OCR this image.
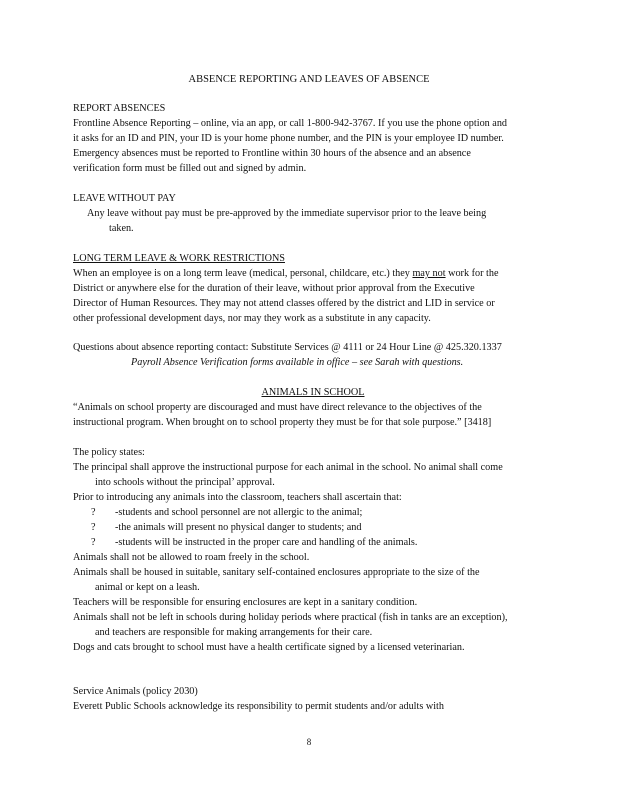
ABSENCE REPORTING AND LEAVES OF ABSENCE

REPORT ABSENCES

Frontline Absence Reporting – online, via an app, or call 1-800-942-3767. If you use the phone option and

it asks for an ID and PIN, your ID is your home phone number, and the PIN is your employee ID number.

Emergency absences must be reported to Frontline within 30 hours of the absence and an absence

verification form must be filled out and signed by admin.

LEAVE WITHOUT PAY

Any leave without pay must be pre-approved by the immediate supervisor prior to the leave being

taken.

LONG TERM LEAVE & WORK RESTRICTIONS

When an employee is on a long term leave (medical, personal, childcare, etc.) they may not work for the

District or anywhere else for the duration of their leave, without prior approval from the Executive

Director of Human Resources. They may not attend classes offered by the district and LID in service or

other professional development days, nor may they work as a substitute in any capacity.

Questions about absence reporting contact: Substitute Services @ 4111 or 24 Hour Line @ 425.320.1337

Payroll Absence Verification forms available in office – see Sarah with questions.

ANIMALS IN SCHOOL

“Animals on school property are discouraged and must have direct relevance to the objectives of the

instructional program. When brought on to school property they must be for that sole purpose.” [3418]

The policy states:

The principal shall approve the instructional purpose for each animal in the school. No animal shall come

into schools without the principal’ approval.

Prior to introducing any animals into the classroom, teachers shall ascertain that:

?	-students and school personnel are not allergic to the animal;
?	-the animals will present no physical danger to students; and
?	-students will be instructed in the proper care and handling of the animals.

Animals shall not be allowed to roam freely in the school.

Animals shall be housed in suitable, sanitary self-contained enclosures appropriate to the size of the

animal or kept on a leash.

Teachers will be responsible for ensuring enclosures are kept in a sanitary condition.

Animals shall not be left in schools during holiday periods where practical (fish in tanks are an exception),

and teachers are responsible for making arrangements for their care.

Dogs and cats brought to school must have a health certificate signed by a licensed veterinarian.

Service Animals (policy 2030)

Everett Public Schools acknowledge its responsibility to permit students and/or adults with

8
